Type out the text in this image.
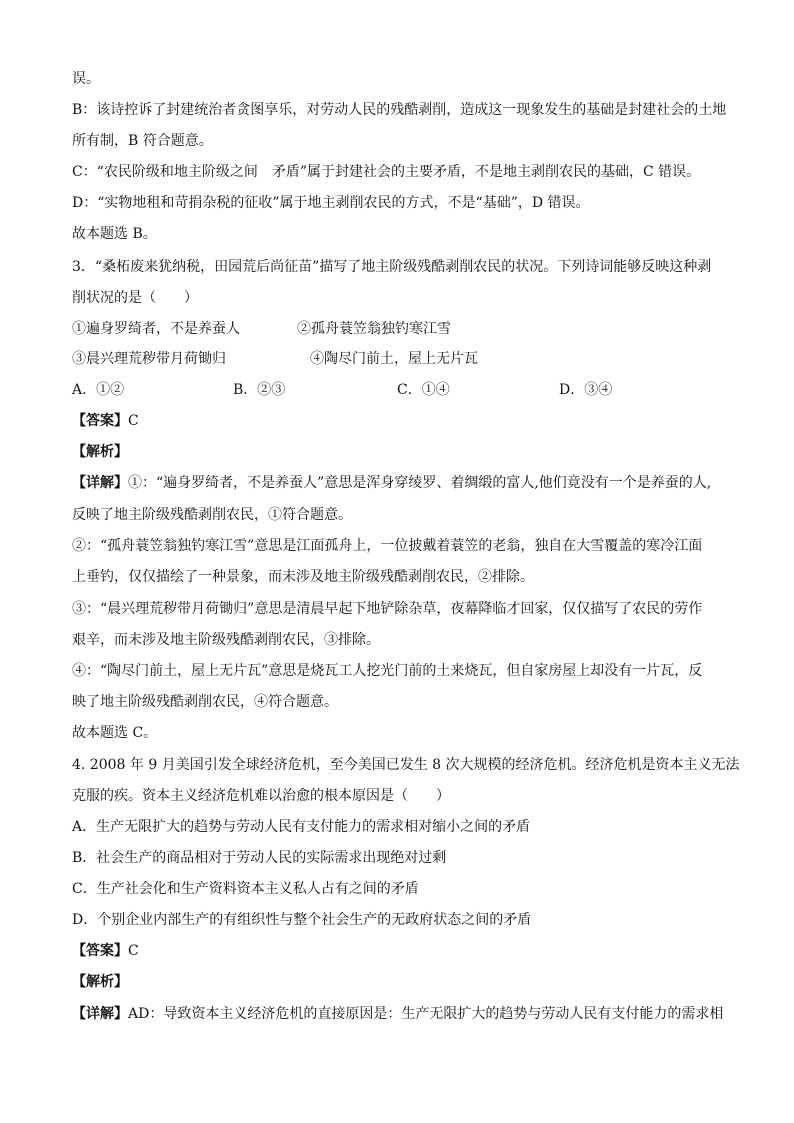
误。
B：该诗控诉了封建统治者贪图享乐，对劳动人民的残酷剥削，造成这一现象发生的基础是封建社会的土地
所有制，B 符合题意。
C：“农民阶级和地主阶级之间　矛盾”属于封建社会的主要矛盾，不是地主剥削农民的基础，C 错误。
D：“实物地租和苛捐杂税的征收”属于地主剥削农民的方式，不是“基础”，D 错误。
故本题选 B。
3．“桑柘废来犹纳税，田园荒后尚征苗”描写了地主阶级残酷剥削农民的状况。下列诗词能够反映这种剥
削状况的是（　　）
①遍身罗绮者，不是养蚕人	②孤舟蓑笠翁独钓寒江雪
③晨兴理荒秽带月荷锄归	④陶尽门前土，屋上无片瓦
A．①②	B．②③	C．①④	D．③④
【答案】C
【解析】
【详解】①：“遍身罗绮者，不是养蚕人”意思是浑身穿绫罗、着绸缎的富人,他们竟没有一个是养蚕的人,
反映了地主阶级残酷剥削农民，①符合题意。
②：“孤舟蓑笠翁独钓寒江雪”意思是江面孤舟上，一位披戴着蓑笠的老翁，独自在大雪覆盖的寒冷江面
上垂钓，仅仅描绘了一种景象，而未涉及地主阶级残酷剥削农民，②排除。
③：“晨兴理荒秽带月荷锄归”意思是清晨早起下地铲除杂草，夜幕降临才回家，仅仅描写了农民的劳作
艰辛，而未涉及地主阶级残酷剥削农民，③排除。
④：“陶尽门前土，屋上无片瓦”意思是烧瓦工人挖光门前的土来烧瓦，但自家房屋上却没有一片瓦，反
映了地主阶级残酷剥削农民，④符合题意。
故本题选 C。
4. 2008 年 9 月美国引发全球经济危机，至今美国已发生 8 次大规模的经济危机。经济危机是资本主义无法
克服的疾。资本主义经济危机难以治愈的根本原因是（　　）
A．生产无限扩大的趋势与劳动人民有支付能力的需求相对缩小之间的矛盾
B．社会生产的商品相对于劳动人民的实际需求出现绝对过剩
C．生产社会化和生产资料资本主义私人占有之间的矛盾
D．个别企业内部生产的有组织性与整个社会生产的无政府状态之间的矛盾
【答案】C
【解析】
【详解】AD：导致资本主义经济危机的直接原因是：生产无限扩大的趋势与劳动人民有支付能力的需求相
